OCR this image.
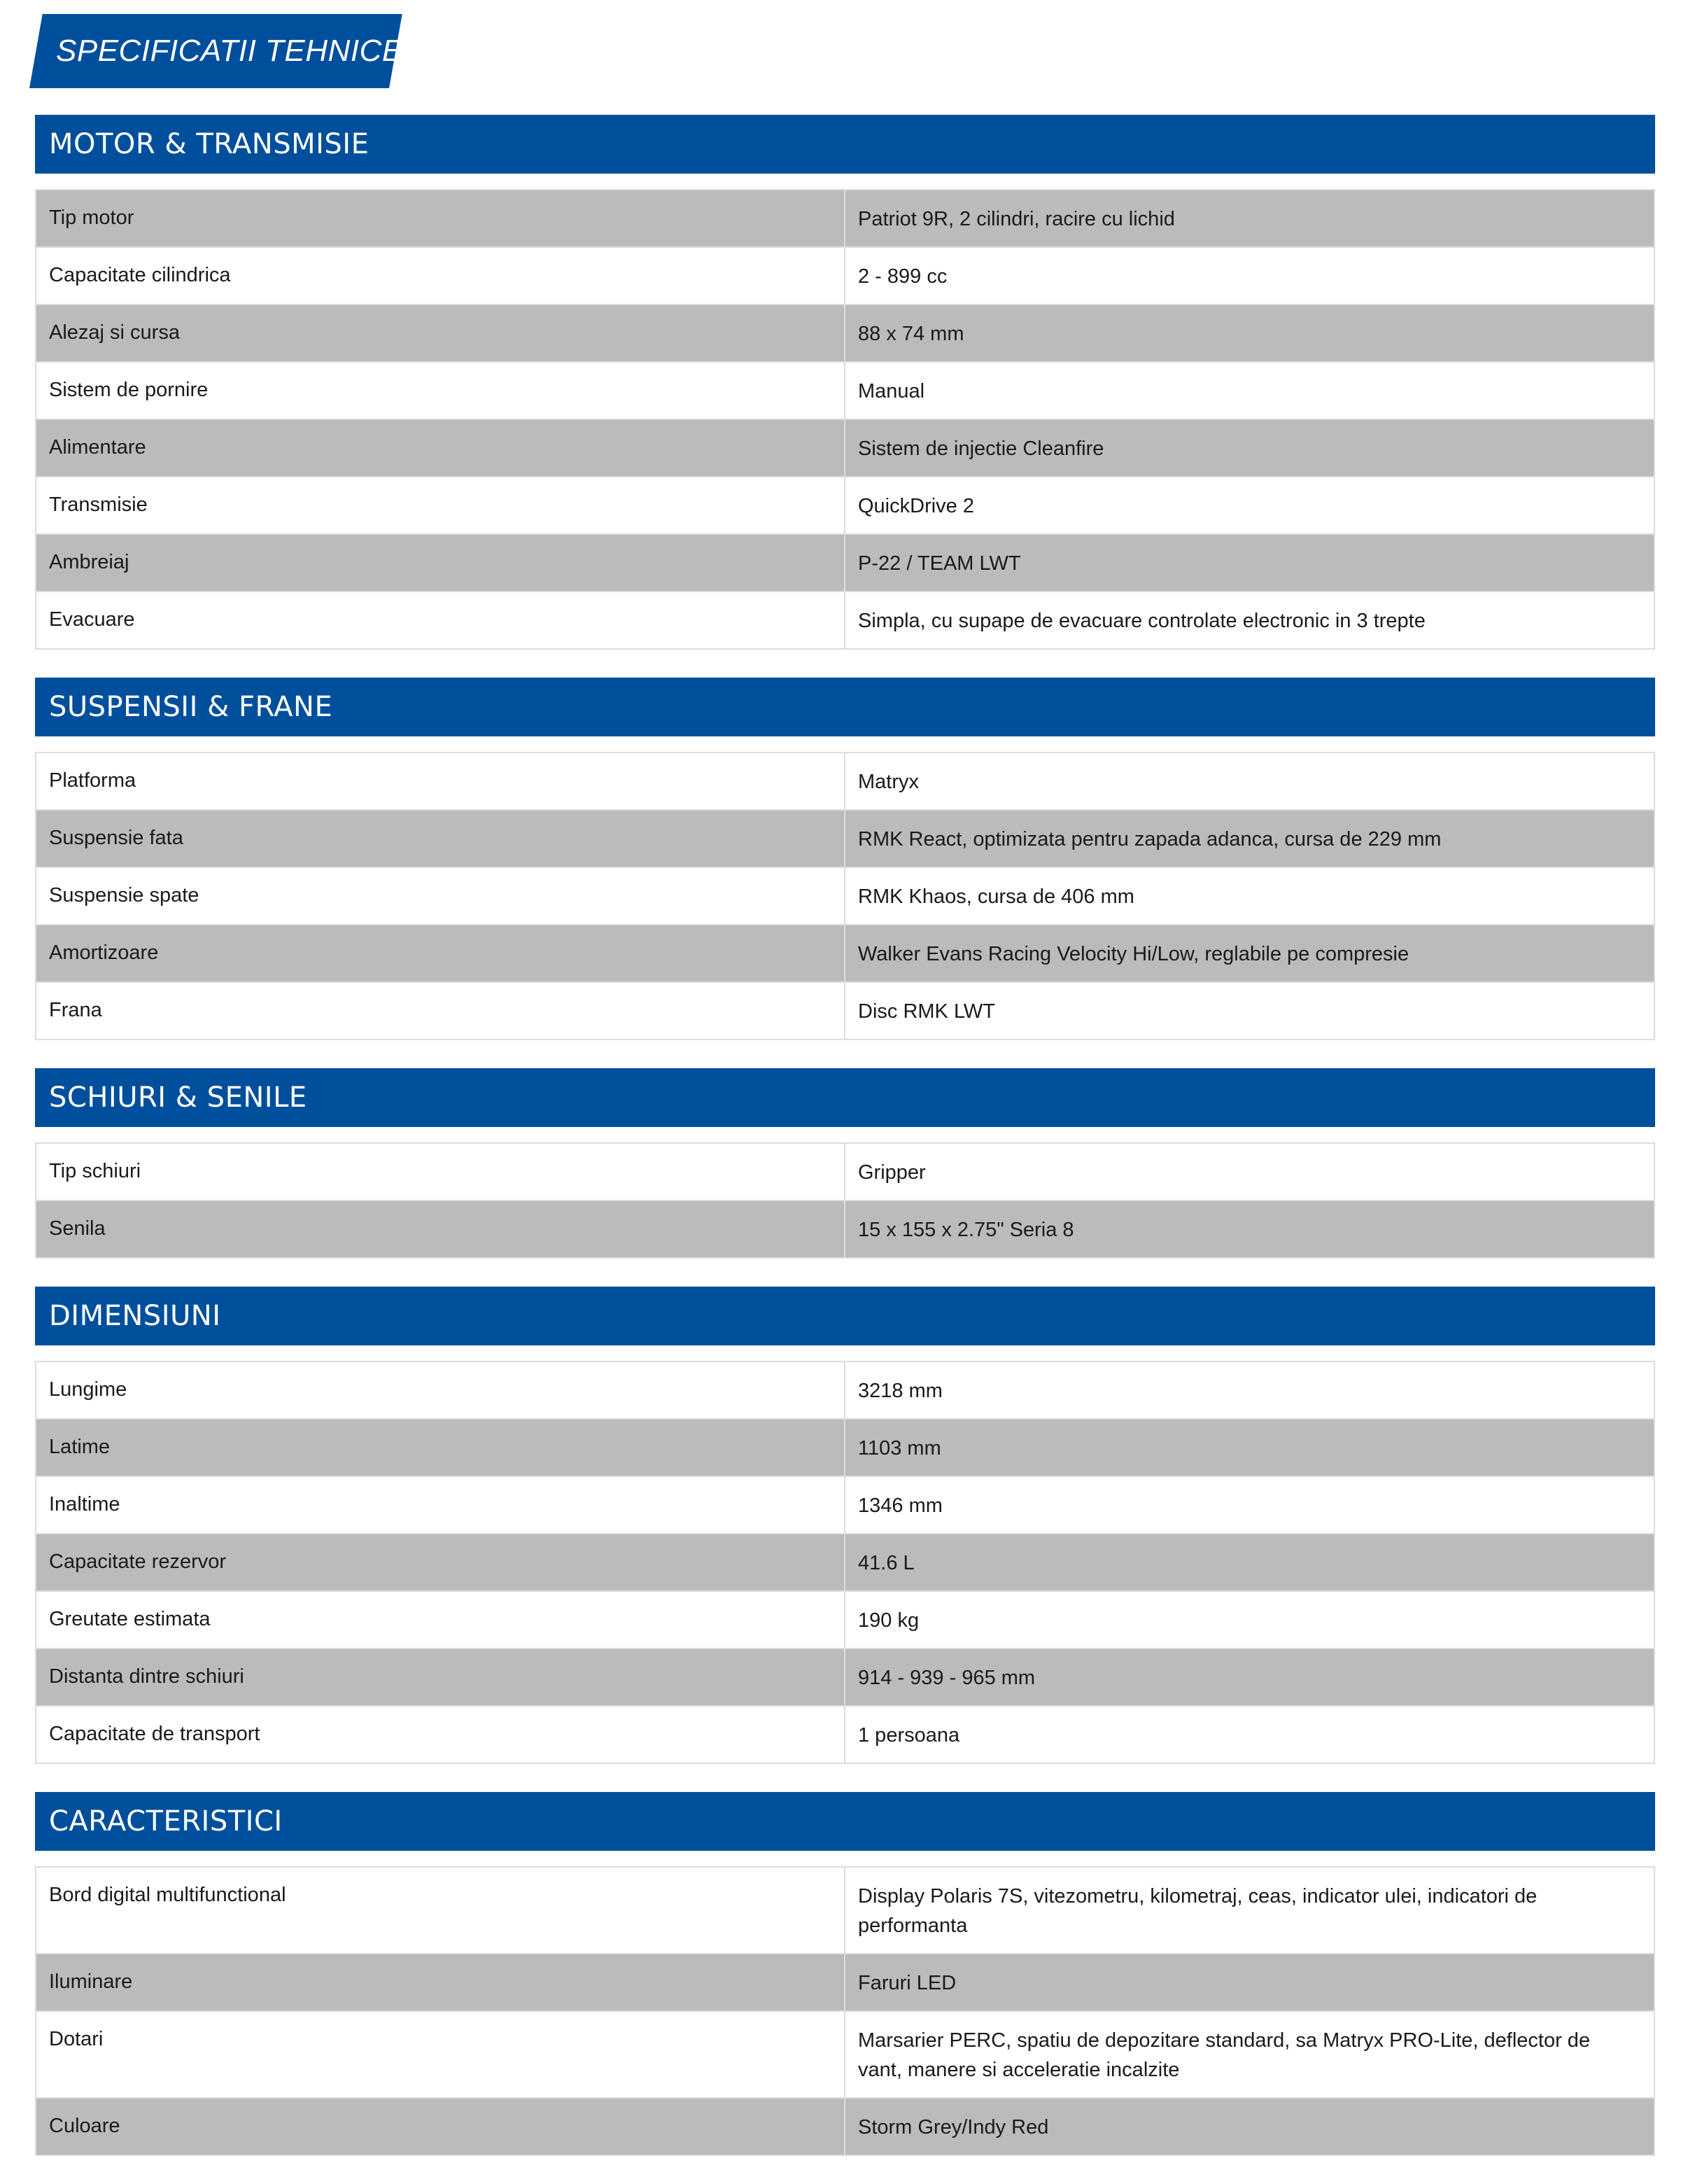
SPECIFICATII TEHNICE
MOTOR & TRANSMISIE
Tip motor	Patriot 9R, 2 cilindri, racire cu lichid
Capacitate cilindrica	2 - 899 cc
Alezaj si cursa	88 x 74 mm
Sistem de pornire	Manual
Alimentare	Sistem de injectie Cleanfire
Transmisie	QuickDrive 2
Ambreiaj	P-22 / TEAM LWT
Evacuare	Simpla, cu supape de evacuare controlate electronic in 3 trepte
SUSPENSII & FRANE
Platforma	Matryx
Suspensie fata	RMK React, optimizata pentru zapada adanca, cursa de 229 mm
Suspensie spate	RMK Khaos, cursa de 406 mm
Amortizoare	Walker Evans Racing Velocity Hi/Low, reglabile pe compresie
Frana	Disc RMK LWT
SCHIURI & SENILE
Tip schiuri	Gripper
Senila	15 x 155 x 2.75" Seria 8
DIMENSIUNI
Lungime	3218 mm
Latime	1103 mm
Inaltime	1346 mm
Capacitate rezervor	41.6 L
Greutate estimata	190 kg
Distanta dintre schiuri	914 - 939 - 965 mm
Capacitate de transport	1 persoana
CARACTERISTICI
Bord digital multifunctional	Display Polaris 7S, vitezometru, kilometraj, ceas, indicator ulei, indicatori de performanta
Iluminare	Faruri LED
Dotari	Marsarier PERC, spatiu de depozitare standard, sa Matryx PRO-Lite, deflector de vant, manere si acceleratie incalzite
Culoare	Storm Grey/Indy Red
